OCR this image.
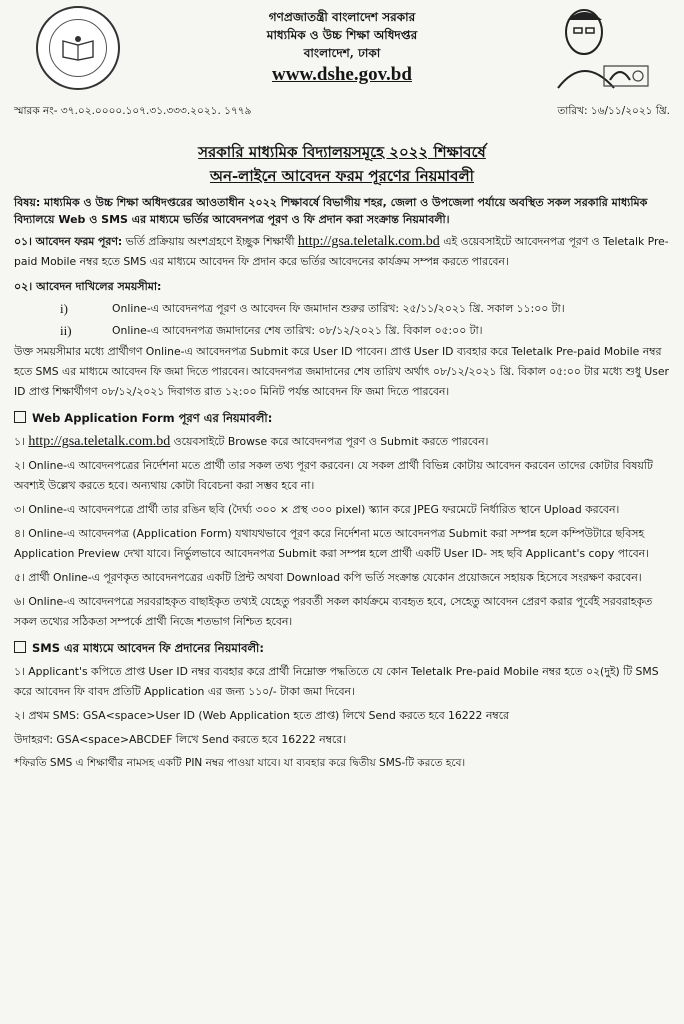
গণপ্রজাতন্ত্রী বাংলাদেশ সরকার
মাধ্যমিক ও উচ্চ শিক্ষা অধিদপ্তর
বাংলাদেশ, ঢাকা
www.dshe.gov.bd
স্মারক নং- ৩৭.০২.০০০০.১০৭.৩১.৩৩৩.২০২১. ১৭৭৯	তারিখ: ১৬/১১/২০২১ খ্রি.
সরকারি মাধ্যমিক বিদ্যালয়সমূহে ২০২২ শিক্ষাবর্ষে
অন-লাইনে আবেদন ফরম পূরণের নিয়মাবলী
বিষয়: মাধ্যমিক ও উচ্চ শিক্ষা অধিদপ্তরের আওতাধীন ২০২২ শিক্ষাবর্ষে বিভাগীয় শহর, জেলা ও উপজেলা পর্যায়ে অবস্থিত সকল সরকারি মাধ্যমিক বিদ্যালয়ে Web ও SMS এর মাধ্যমে ভর্তির আবেদনপত্র পূরণ ও ফি প্রদান করা সংক্রান্ত নিয়মাবলী।

০১। আবেদন ফরম পূরণ: ভর্তি প্রক্রিয়ায় অংশগ্রহণে ইচ্ছুক শিক্ষার্থী http://gsa.teletalk.com.bd এই ওয়েবসাইটে আবেদনপত্র পূরণ ও Teletalk Pre-paid Mobile নম্বর হতে SMS এর মাধ্যমে আবেদন ফি প্রদান করে ভর্তির আবেদনের কার্যক্রম সম্পন্ন করতে পারবেন।

০২। আবেদন দাখিলের সময়সীমা:
i)	Online-এ আবেদনপত্র পূরণ ও আবেদন ফি জমাদান শুরুর তারিখ: ২৫/১১/২০২১ খ্রি. সকাল ১১:০০ টা।
ii)	Online-এ আবেদনপত্র জমাদানের শেষ তারিখ: ০৮/১২/২০২১ খ্রি. বিকাল ০৫:০০ টা।

উক্ত সময়সীমার মধ্যে প্রার্থীগণ Online-এ আবেদনপত্র Submit করে User ID পাবেন। প্রাপ্ত User ID ব্যবহার করে Teletalk Pre-paid Mobile নম্বর হতে SMS এর মাধ্যমে আবেদন ফি জমা দিতে পারবেন। আবেদনপত্র জমাদানের শেষ তারিখ অর্থাৎ ০৮/১২/২০২১ খ্রি. বিকাল ০৫:০০ টার মধ্যে শুধু User ID প্রাপ্ত শিক্ষার্থীগণ ০৮/১২/২০২১ দিবাগত রাত ১২:০০ মিনিট পর্যন্ত আবেদন ফি জমা দিতে পারবেন।

Web Application Form পূরণ এর নিয়মাবলী:

১। http://gsa.teletalk.com.bd ওয়েবসাইটে Browse করে আবেদনপত্র পূরণ ও Submit করতে পারবেন।

২। Online-এ আবেদনপত্রের নির্দেশনা মতে প্রার্থী তার সকল তথ্য পূরণ করবেন। যে সকল প্রার্থী বিভিন্ন কোটায় আবেদন করবেন তাদের কোটার বিষয়টি অবশ্যই উল্লেখ করতে হবে। অন্যথায় কোটা বিবেচনা করা সম্ভব হবে না।

৩। Online-এ আবেদনপত্রে প্রার্থী তার রঙিন ছবি (দৈর্ঘ্য ৩০০ × প্রস্থ ৩০০ pixel) স্ক্যান করে JPEG ফরমেটে নির্ধারিত স্থানে Upload করবেন।

৪। Online-এ আবেদনপত্র (Application Form) যথাযথভাবে পূরণ করে নির্দেশনা মতে আবেদনপত্র Submit করা সম্পন্ন হলে কম্পিউটারে ছবিসহ Application Preview দেখা যাবে। নির্ভুলভাবে আবেদনপত্র Submit করা সম্পন্ন হলে প্রার্থী একটি User ID- সহ ছবি Applicant's copy পাবেন।

৫। প্রার্থী Online-এ পূরণকৃত আবেদনপত্রের একটি প্রিন্ট অথবা Download কপি ভর্তি সংক্রান্ত যেকোন প্রয়োজনে সহায়ক হিসেবে সংরক্ষণ করবেন।

৬। Online-এ আবেদনপত্রে সরবরাহকৃত বাছাইকৃত তথ্যই যেহেতু পরবর্তী সকল কার্যক্রমে ব্যবহৃত হবে, সেহেতু আবেদন প্রেরণ করার পূর্বেই সরবরাহকৃত সকল তথ্যের সঠিকতা সম্পর্কে প্রার্থী নিজে শতভাগ নিশ্চিত হবেন।

SMS এর মাধ্যমে আবেদন ফি প্রদানের নিয়মাবলী:

১। Applicant's কপিতে প্রাপ্ত User ID নম্বর ব্যবহার করে প্রার্থী নিম্নোক্ত পদ্ধতিতে যে কোন Teletalk Pre-paid Mobile নম্বর হতে ০২(দুই) টি SMS করে আবেদন ফি বাবদ প্রতিটি Application এর জন্য ১১০/- টাকা জমা দিবেন।

২। প্রথম SMS: GSA<space>User ID (Web Application হতে প্রাপ্ত) লিখে Send করতে হবে 16222 নম্বরে

উদাহরণ: GSA<space>ABCDEF লিখে Send করতে হবে 16222 নম্বরে।

*ফিরতি SMS এ শিক্ষার্থীর নামসহ একটি PIN নম্বর পাওয়া যাবে। যা ব্যবহার করে দ্বিতীয় SMS-টি করতে হবে।
